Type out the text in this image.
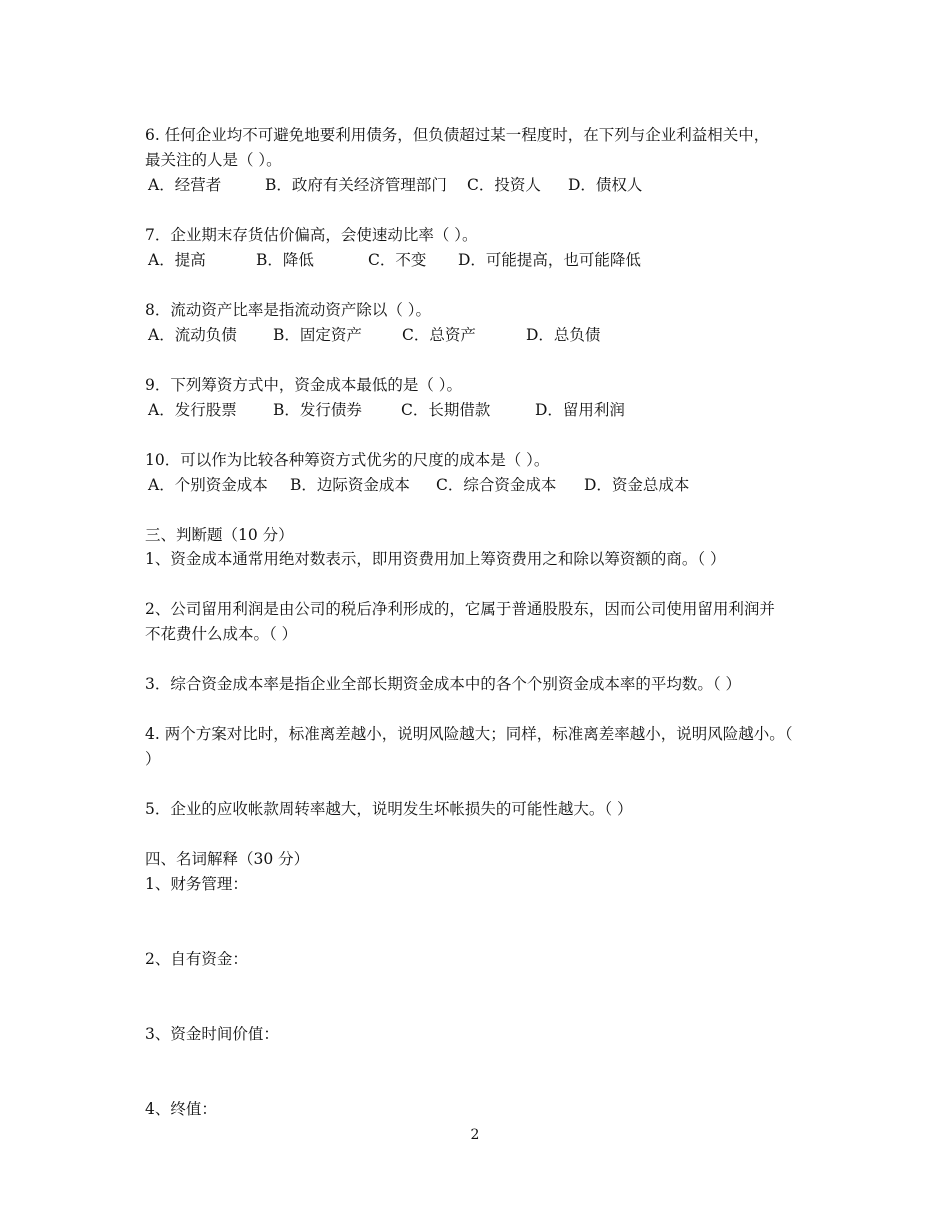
6. 任何企业均不可避免地要利用债务，但负债超过某一程度时，在下列与企业利益相关中，
最关注的人是（ ）。
A．经营者	B．政府有关经济管理部门 C．投资人 D．债权人
7．企业期末存货估价偏高，会使速动比率（ ）。
A．提高	B．降低	C．不变 D．可能提高，也可能降低
8．流动资产比率是指流动资产除以（ ）。
A．流动负债 B．固定资产	C．总资产	D．总负债
9．下列筹资方式中，资金成本最低的是（ ）。
A．发行股票 B．发行债券	C．长期借款	D．留用利润
10．可以作为比较各种筹资方式优劣的尺度的成本是（ ）。
A．个别资金成本 B．边际资金成本 C．综合资金成本 D．资金总成本
三、判断题（10 分）
1、资金成本通常用绝对数表示，即用资费用加上筹资费用之和除以筹资额的商。（ ）
2、公司留用利润是由公司的税后净利形成的，它属于普通股股东，因而公司使用留用利润并
不花费什么成本。（ ）
3．综合资金成本率是指企业全部长期资金成本中的各个个别资金成本率的平均数。（ ）
4. 两个方案对比时，标准离差越小，说明风险越大；同样，标准离差率越小，说明风险越小。（
）
5．企业的应收帐款周转率越大，说明发生坏帐损失的可能性越大。（ ）
四、名词解释（30 分）
1、财务管理：
2、自有资金：
3、资金时间价值：
4、终值：
2
